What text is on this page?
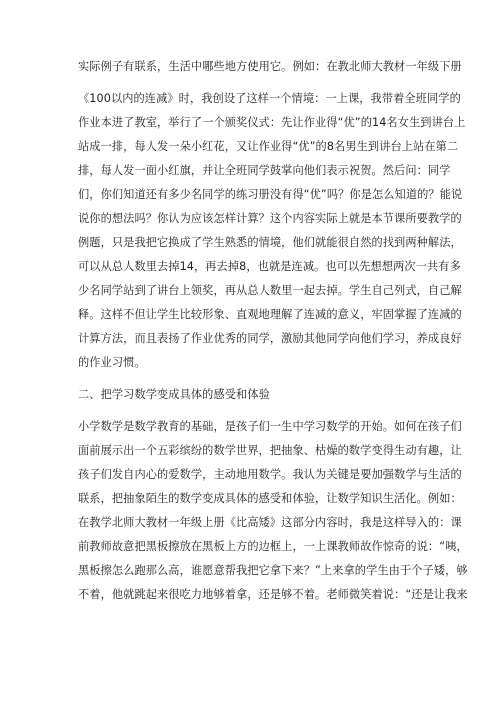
实际例子有联系，生活中哪些地方使用它。例如：在教北师大教材一年级下册
《100以内的连减》时，我创设了这样一个情境：一上课，我带着全班同学的
作业本进了教室，举行了一个颁奖仪式：先让作业得“优”的14名女生到讲台上
站成一排，每人发一朵小红花，又让作业得“优”的8名男生到讲台上站在第二
排，每人发一面小红旗，并让全班同学鼓掌向他们表示祝贺。然后问：同学
们，你们知道还有多少名同学的练习册没有得“优”吗？你是怎么知道的？能说
说你的想法吗？你认为应该怎样计算？这个内容实际上就是本节课所要教学的
例题，只是我把它换成了学生熟悉的情境，他们就能很自然的找到两种解法，
可以从总人数里去掉14，再去掉8，也就是连减。也可以先想想两次一共有多
少名同学站到了讲台上领奖，再从总人数里一起去掉。学生自己列式，自己解
释。这样不但让学生比较形象、直观地理解了连减的意义，牢固掌握了连减的
计算方法，而且表扬了作业优秀的同学，激励其他同学向他们学习，养成良好
的作业习惯。
二、把学习数学变成具体的感受和体验
小学数学是数学教育的基础，是孩子们一生中学习数学的开始。如何在孩子们
面前展示出一个五彩缤纷的数学世界，把抽象、枯燥的数学变得生动有趣，让
孩子们发自内心的爱数学，主动地用数学。我认为关键是要加强数学与生活的
联系，把抽象陌生的数学变成具体的感受和体验，让数学知识生活化。例如：
在教学北师大教材一年级上册《比高矮》这部分内容时，我是这样导入的：课
前教师故意把黑板擦放在黑板上方的边框上，一上课教师故作惊奇的说：“咦，
黑板擦怎么跑那么高，谁愿意帮我把它拿下来？”上来拿的学生由于个子矮，够
不着，他就跳起来很吃力地够着拿，还是够不着。老师微笑着说：“还是让我来
